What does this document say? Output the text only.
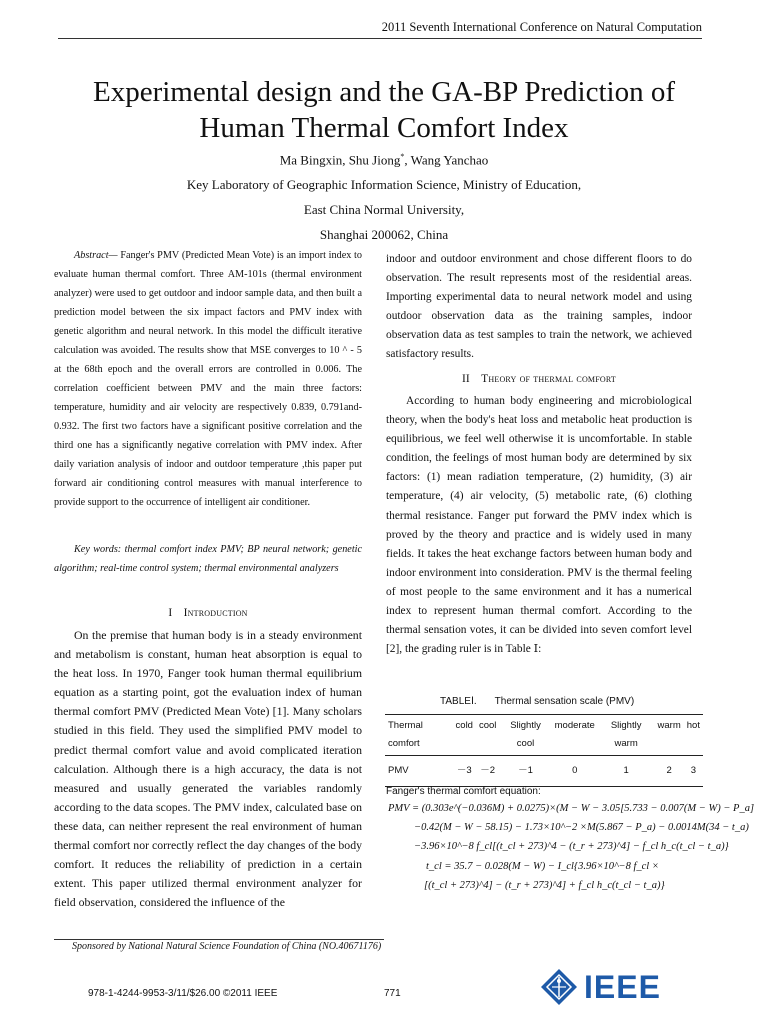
2011 Seventh International Conference on Natural Computation
Experimental design and the GA-BP Prediction of
Human Thermal Comfort Index
Ma Bingxin, Shu Jiong*, Wang Yanchao
Key Laboratory of Geographic Information Science, Ministry of Education,
East China Normal University,
Shanghai 200062, China

Abstract— Fanger's PMV (Predicted Mean Vote) is an import index to evaluate human thermal comfort. Three AM-101s (thermal environment analyzer) were used to get outdoor and indoor sample data, and then built a prediction model between the six impact factors and PMV index with genetic algorithm and neural network. In this model the difficult iterative calculation was avoided. The results show that MSE converges to 10 ^ - 5 at the 68th epoch and the overall errors are controlled in 0.006. The correlation coefficient between PMV and the main three factors: temperature, humidity and air velocity are respectively 0.839, 0.791and-0.932. The first two factors have a significant positive correlation and the third one has a significantly negative correlation with PMV index. After daily variation analysis of indoor and outdoor temperature ,this paper put forward air conditioning control measures with manual interference to provide support to the occurrence of intelligent air conditioner.

Key words: thermal comfort index PMV; BP neural network; genetic algorithm; real-time control system; thermal environmental analyzers

I Introduction

On the premise that human body is in a steady environment and metabolism is constant, human heat absorption is equal to the heat loss. In 1970, Fanger took human thermal equilibrium equation as a starting point, got the evaluation index of human thermal comfort PMV (Predicted Mean Vote) [1]. Many scholars studied in this field. They used the simplified PMV model to predict thermal comfort value and avoid complicated iteration calculation. Although there is a high accuracy, the data is not measured and usually generated the variables randomly according to the data scopes. The PMV index, calculated base on these data, can neither represent the real environment of human thermal comfort nor correctly reflect the day changes of the body comfort. It reduces the reliability of prediction in a certain extent. This paper utilized thermal environment analyzer for field observation, considered the influence of the

indoor and outdoor environment and chose different floors to do observation. The result represents most of the residential areas. Importing experimental data to neural network model and using outdoor observation data as the training samples, indoor observation data as test samples to train the network, we achieved satisfactory results.

II Theory of thermal comfort

According to human body engineering and microbiological theory, when the body's heat loss and metabolic heat production is equilibrious, we feel well otherwise it is uncomfortable. In stable condition, the feelings of most human body are determined by six factors: (1) mean radiation temperature, (2) humidity, (3) air temperature, (4) air velocity, (5) metabolic rate, (6) clothing thermal resistance. Fanger put forward the PMV index which is proved by the theory and practice and is widely used in many fields. It takes the heat exchange factors between human body and indoor environment into consideration. PMV is the thermal feeling of most people to the same environment and it has a numerical index to represent human thermal comfort. According to the thermal sensation votes, it can be divided into seven comfort level [2], the grading ruler is in Table Ⅰ:

TABLEⅠ. Thermal sensation scale (PMV)
Thermal comfort	cold	cool	Slightly cool	moderate	Slightly warm	warm	hot
PMV	－3	－2	－1	0	1	2	3
Fanger's thermal comfort equation:
PMV = (0.303e^(−0.036M) + 0.0275)×(M − W − 3.05[5.733 − 0.007(M − W) − P_a]
−0.42(M − W − 58.15) − 1.73×10^−2 ×M(5.867 − P_a) − 0.0014M(34 − t_a)
−3.96×10^−8 f_cl[(t_cl + 273)^4 − (t_r + 273)^4] − f_cl h_c(t_cl − t_a)}
t_cl = 35.7 − 0.028(M − W) − I_cl{3.96×10^−8 f_cl ×
[(t_cl + 273)^4] − (t_r + 273)^4] + f_cl h_c(t_cl − t_a)}
Sponsored by National Natural Science Foundation of China (NO.40671176)
978-1-4244-9953-3/11/$26.00 ©2011 IEEE	771	IEEE
